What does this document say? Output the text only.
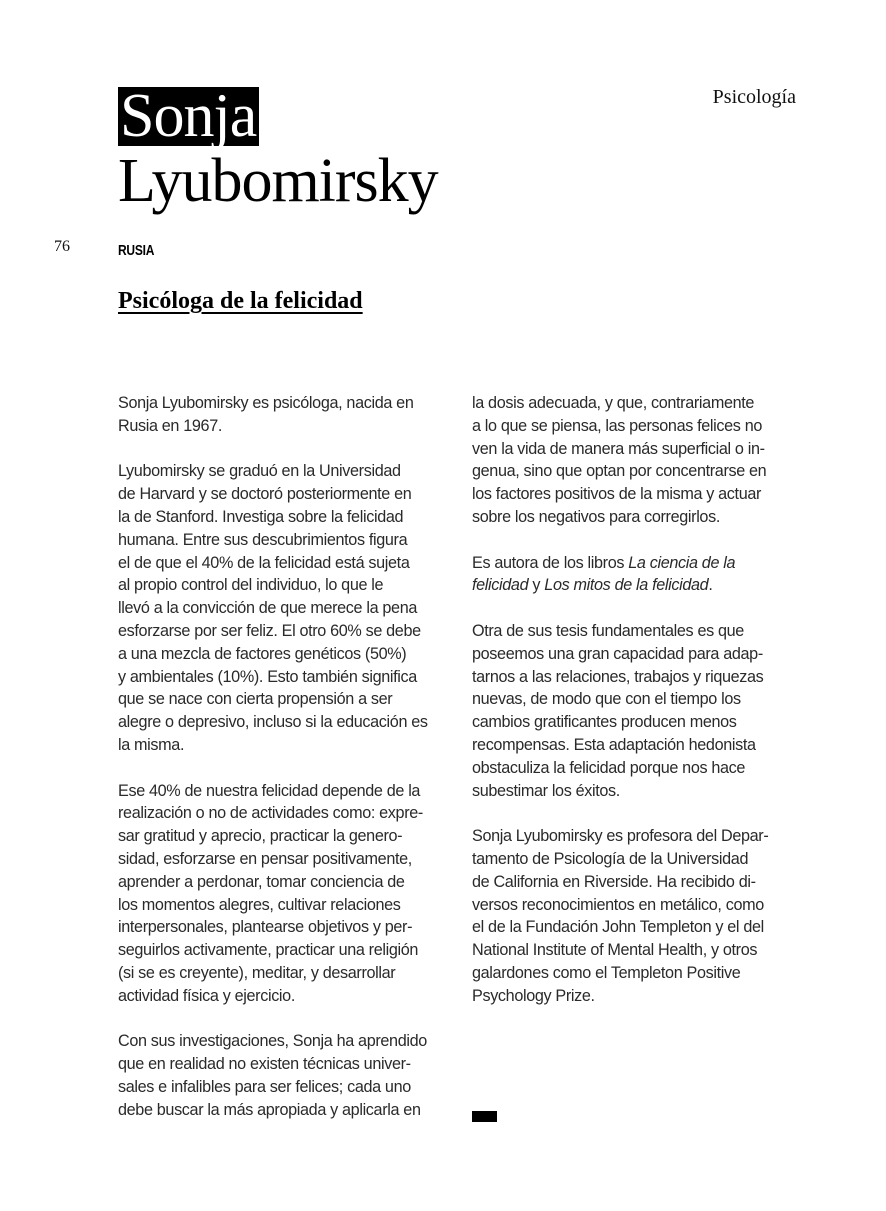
Psicología
Sonja
Lyubomirsky
76	RUSIA
Psicóloga de la felicidad

Sonja Lyubomirsky es psicóloga, nacida en
Rusia en 1967.

Lyubomirsky se graduó en la Universidad
de Harvard y se doctoró posteriormente en
la de Stanford. Investiga sobre la felicidad
humana. Entre sus descubrimientos figura
el de que el 40% de la felicidad está sujeta
al propio control del individuo, lo que le
llevó a la convicción de que merece la pena
esforzarse por ser feliz. El otro 60% se debe
a una mezcla de factores genéticos (50%)
y ambientales (10%). Esto también significa
que se nace con cierta propensión a ser
alegre o depresivo, incluso si la educación es
la misma.

Ese 40% de nuestra felicidad depende de la
realización o no de actividades como: expre-
sar gratitud y aprecio, practicar la genero-
sidad, esforzarse en pensar positivamente,
aprender a perdonar, tomar conciencia de
los momentos alegres, cultivar relaciones
interpersonales, plantearse objetivos y per-
seguirlos activamente, practicar una religión
(si se es creyente), meditar, y desarrollar
actividad física y ejercicio.

Con sus investigaciones, Sonja ha aprendido
que en realidad no existen técnicas univer-
sales e infalibles para ser felices; cada uno
debe buscar la más apropiada y aplicarla en

la dosis adecuada, y que, contrariamente
a lo que se piensa, las personas felices no
ven la vida de manera más superficial o in-
genua, sino que optan por concentrarse en
los factores positivos de la misma y actuar
sobre los negativos para corregirlos.

Es autora de los libros La ciencia de la
felicidad y Los mitos de la felicidad.

Otra de sus tesis fundamentales es que
poseemos una gran capacidad para adap-
tarnos a las relaciones, trabajos y riquezas
nuevas, de modo que con el tiempo los
cambios gratificantes producen menos
recompensas. Esta adaptación hedonista
obstaculiza la felicidad porque nos hace
subestimar los éxitos.

Sonja Lyubomirsky es profesora del Depar-
tamento de Psicología de la Universidad
de California en Riverside. Ha recibido di-
versos reconocimientos en metálico, como
el de la Fundación John Templeton y el del
National Institute of Mental Health, y otros
galardones como el Templeton Positive
Psychology Prize.
